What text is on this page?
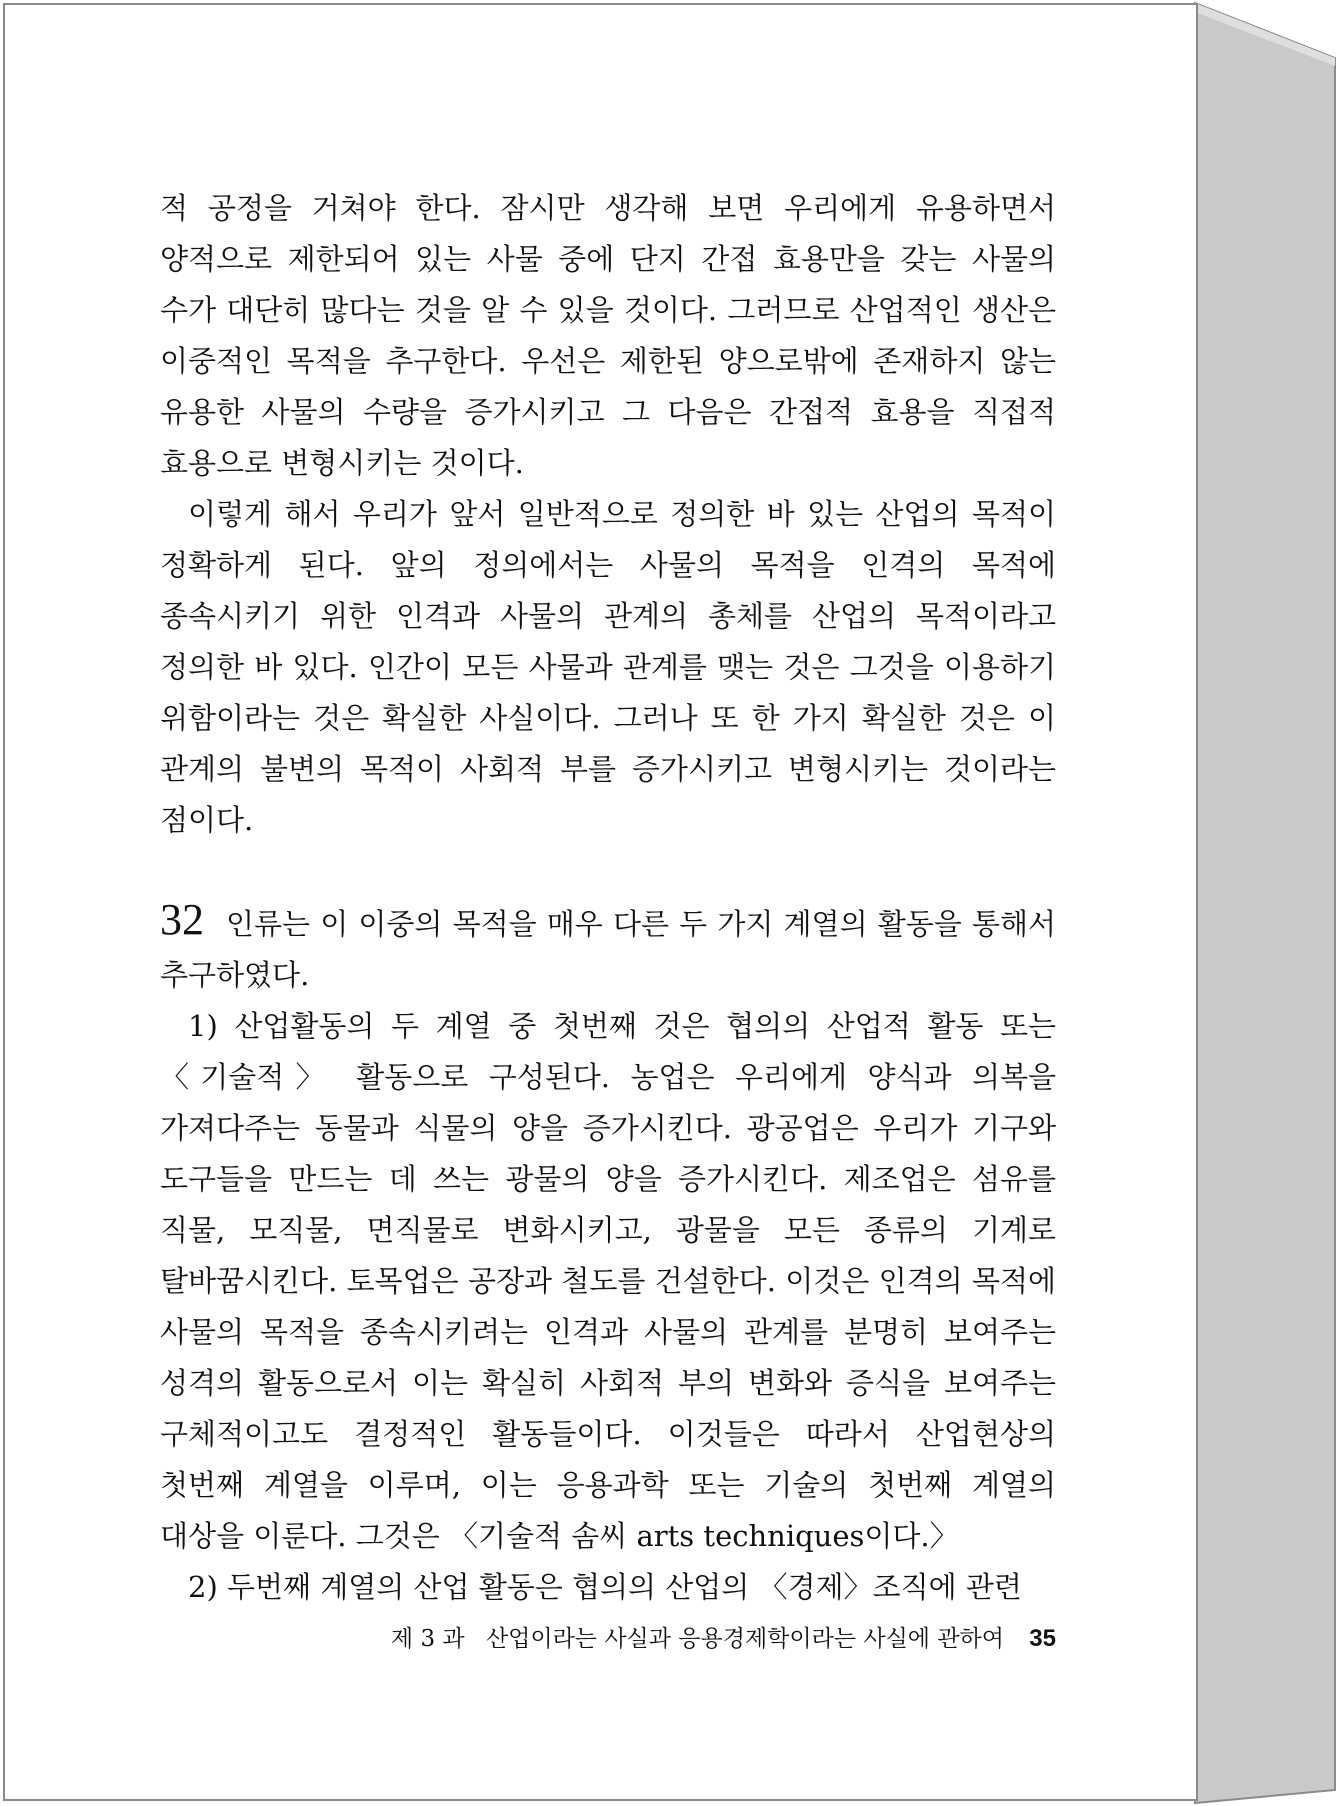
적 공정을 거쳐야 한다. 잠시만 생각해 보면 우리에게 유용하면서 양적으로 제한되어 있는 사물 중에 단지 간접 효용만을 갖는 사물의 수가 대단히 많다는 것을 알 수 있을 것이다. 그러므로 산업적인 생산은 이중적인 목적을 추구한다. 우선은 제한된 양으로밖에 존재하지 않는 유용한 사물의 수량을 증가시키고 그 다음은 간접적 효용을 직접적 효용으로 변형시키는 것이다.

이렇게 해서 우리가 앞서 일반적으로 정의한 바 있는 산업의 목적이 정확하게 된다. 앞의 정의에서는 사물의 목적을 인격의 목적에 종속시키기 위한 인격과 사물의 관계의 총체를 산업의 목적이라고 정의한 바 있다. 인간이 모든 사물과 관계를 맺는 것은 그것을 이용하기 위함이라는 것은 확실한 사실이다. 그러나 또 한 가지 확실한 것은 이 관계의 불변의 목적이 사회적 부를 증가시키고 변형시키는 것이라는 점이다.

32 인류는 이 이중의 목적을 매우 다른 두 가지 계열의 활동을 통해서 추구하였다.

1) 산업활동의 두 계열 중 첫번째 것은 협의의 산업적 활동 또는 〈기술적〉 활동으로 구성된다. 농업은 우리에게 양식과 의복을 가져다주는 동물과 식물의 양을 증가시킨다. 광공업은 우리가 기구와 도구들을 만드는 데 쓰는 광물의 양을 증가시킨다. 제조업은 섬유를 직물, 모직물, 면직물로 변화시키고, 광물을 모든 종류의 기계로 탈바꿈시킨다. 토목업은 공장과 철도를 건설한다. 이것은 인격의 목적에 사물의 목적을 종속시키려는 인격과 사물의 관계를 분명히 보여주는 성격의 활동으로서 이는 확실히 사회적 부의 변화와 증식을 보여주는 구체적이고도 결정적인 활동들이다. 이것들은 따라서 산업현상의 첫번째 계열을 이루며, 이는 응용과학 또는 기술의 첫번째 계열의 대상을 이룬다. 그것은 〈기술적 솜씨 arts techniques이다.〉

2) 두번째 계열의 산업 활동은 협의의 산업의 〈경제〉조직에 관련

제 3 과 산업이라는 사실과 응용경제학이라는 사실에 관하여 35
